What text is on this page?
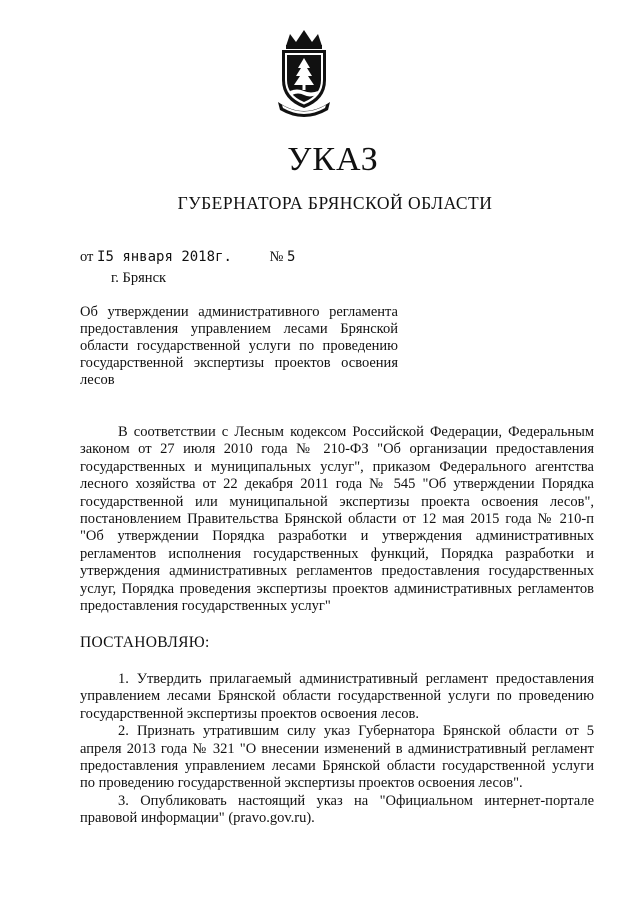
УКАЗ
ГУБЕРНАТОРА БРЯНСКОЙ ОБЛАСТИ
от I5 января 2018г.	№ 5
г. Брянск
Об утверждении административного регламента предоставления управлением лесами Брянской области государственной услуги по проведению государственной экспертизы проектов освоения лесов

В соответствии с Лесным кодексом Российской Федерации, Федеральным законом от 27 июля 2010 года № 210-ФЗ "Об организации предоставления государственных и муниципальных услуг", приказом Федерального агентства лесного хозяйства от 22 декабря 2011 года № 545 "Об утверждении Порядка государственной или муниципальной экспертизы проекта освоения лесов", постановлением Правительства Брянской области от 12 мая 2015 года № 210-п "Об утверждении Порядка разработки и утверждения административных регламентов исполнения государственных функций, Порядка разработки и утверждения административных регламентов предоставления государственных услуг, Порядка проведения экспертизы проектов административных регламентов предоставления государственных услуг"

ПОСТАНОВЛЯЮ:

1. Утвердить прилагаемый административный регламент предоставления управлением лесами Брянской области государственной услуги по проведению государственной экспертизы проектов освоения лесов.

2. Признать утратившим силу указ Губернатора Брянской области от 5 апреля 2013 года № 321 "О внесении изменений в административный регламент предоставления управлением лесами Брянской области государственной услуги по проведению государственной экспертизы проектов освоения лесов".

3. Опубликовать настоящий указ на "Официальном интернет-портале правовой информации" (pravo.gov.ru).
